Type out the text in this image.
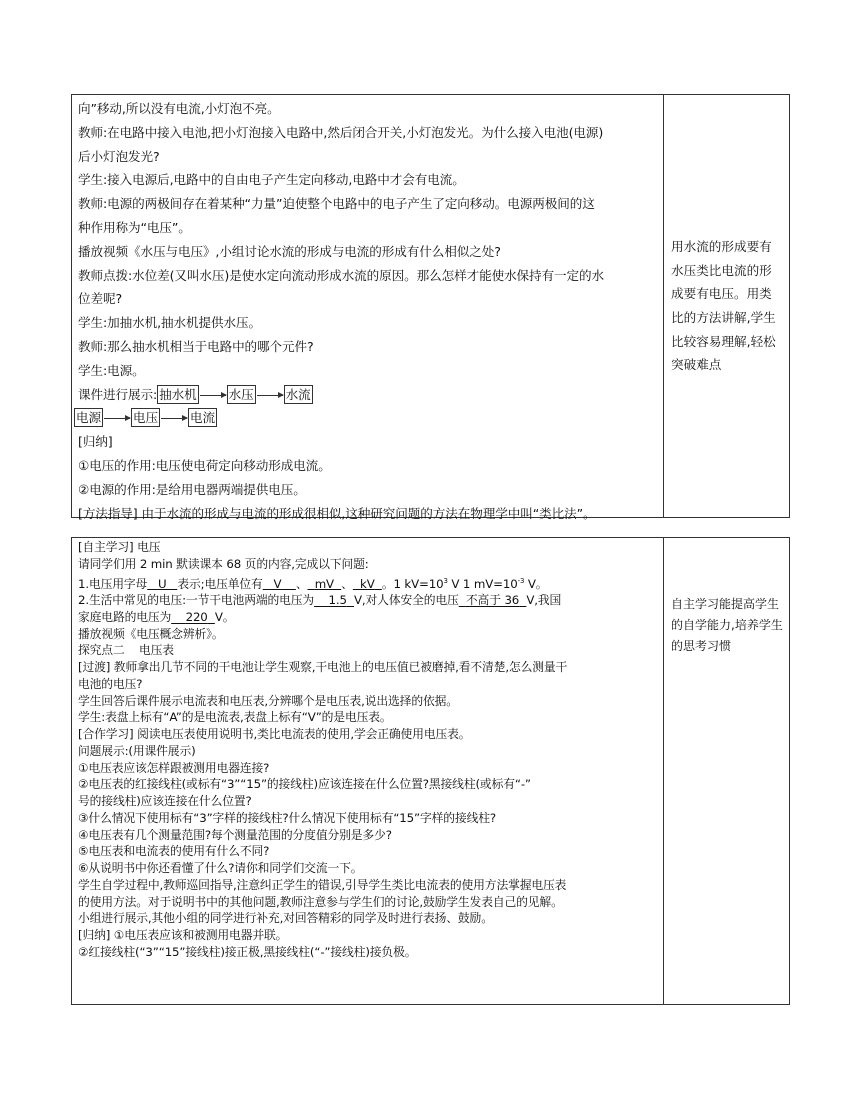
向”移动,所以没有电流,小灯泡不亮。
教师:在电路中接入电池,把小灯泡接入电路中,然后闭合开关,小灯泡发光。为什么接入电池(电源)
后小灯泡发光?
学生:接入电源后,电路中的自由电子产生定向移动,电路中才会有电流。
教师:电源的两极间存在着某种“力量”迫使整个电路中的电子产生了定向移动。电源两极间的这
种作用称为“电压”。
播放视频《水压与电压》,小组讨论水流的形成与电流的形成有什么相似之处?
教师点拨:水位差(又叫水压)是使水定向流动形成水流的原因。那么怎样才能使水保持有一定的水
位差呢?
学生:加抽水机,抽水机提供水压。
教师:那么抽水机相当于电路中的哪个元件?
学生:电源。
课件进行展示: 抽水机	水压	水流
电源	电压	电流
[归纳]
①电压的作用:电压使电荷定向移动形成电流。
②电源的作用:是给用电器两端提供电压。
[方法指导] 由于水流的形成与电流的形成很相似,这种研究问题的方法在物理学中叫“类比法”。
用水流的形成要有水压类比电流的形成要有电压。用类比的方法讲解,学生比较容易理解,轻松突破难点
[自主学习] 电压
请同学们用 2 min 默读课本 68 页的内容,完成以下问题:
1.电压用字母 U 表示;电压单位有 V 、 mV 、 kV 。1 $kV=10^3$ V 1 $mV=10^{-3}$ V。
2.生活中常见的电压:一节干电池两端的电压为 1.5 V,对人体安全的电压 不高于 36 V,我国
家庭电路的电压为 220 V。
播放视频《电压概念辨析》。
探究点二    电压表
[过渡] 教师拿出几节不同的干电池让学生观察,干电池上的电压值已被磨掉,看不清楚,怎么测量干
电池的电压?
学生回答后课件展示电流表和电压表,分辨哪个是电压表,说出选择的依据。
学生:表盘上标有“A”的是电流表,表盘上标有“V”的是电压表。
[合作学习] 阅读电压表使用说明书,类比电流表的使用,学会正确使用电压表。
问题展示:(用课件展示)
①电压表应该怎样跟被测用电器连接?
②电压表的红接线柱(或标有“3”“15”的接线柱)应该连接在什么位置?黑接线柱(或标有“-”
号的接线柱)应该连接在什么位置?
③什么情况下使用标有“3”字样的接线柱?什么情况下使用标有“15”字样的接线柱?
④电压表有几个测量范围?每个测量范围的分度值分别是多少?
⑤电压表和电流表的使用有什么不同?
⑥从说明书中你还看懂了什么?请你和同学们交流一下。
学生自学过程中,教师巡回指导,注意纠正学生的错误,引导学生类比电流表的使用方法掌握电压表
的使用方法。对于说明书中的其他问题,教师注意参与学生们的讨论,鼓励学生发表自己的见解。
小组进行展示,其他小组的同学进行补充,对回答精彩的同学及时进行表扬、鼓励。
[归纳] ①电压表应该和被测用电器并联。
②红接线柱(“3”“15”接线柱)接正极,黑接线柱(“-”接线柱)接负极。
自主学习能提高学生的自学能力,培养学生的思考习惯
